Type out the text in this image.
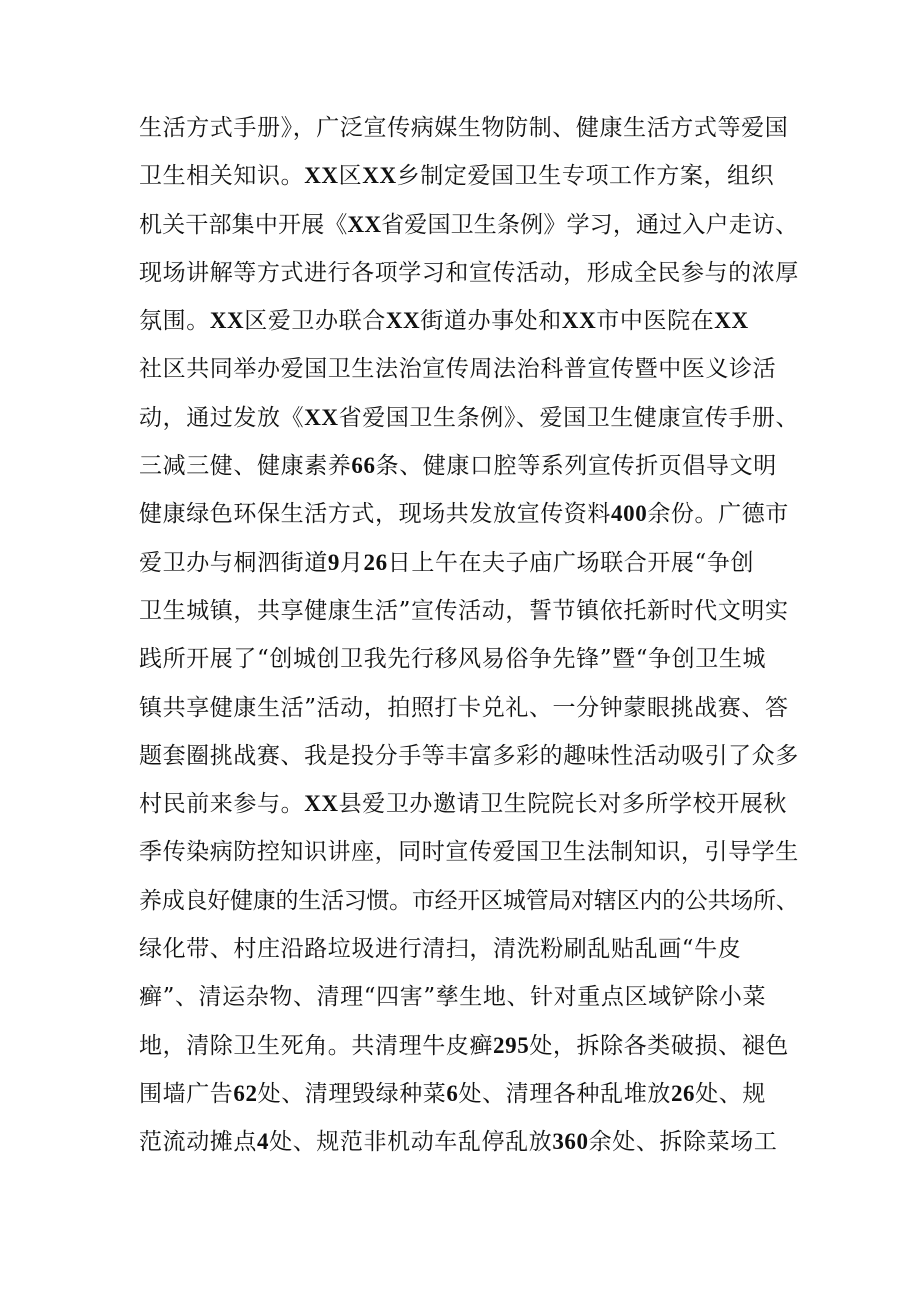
生活方式手册》，广泛宣传病媒生物防制、健康生活方式等爱国
卫生相关知识。XX区XX乡制定爱国卫生专项工作方案，组织
机关干部集中开展《XX省爱国卫生条例》学习，通过入户走访、
现场讲解等方式进行各项学习和宣传活动，形成全民参与的浓厚
氛围。XX区爱卫办联合XX街道办事处和XX市中医院在XX
社区共同举办爱国卫生法治宣传周法治科普宣传暨中医义诊活
动，通过发放《XX省爱国卫生条例》、爱国卫生健康宣传手册、
三减三健、健康素养66条、健康口腔等系列宣传折页倡导文明
健康绿色环保生活方式，现场共发放宣传资料400余份。广德市
爱卫办与桐泗街道9月26日上午在夫子庙广场联合开展“争创
卫生城镇，共享健康生活”宣传活动，誓节镇依托新时代文明实
践所开展了“创城创卫我先行移风易俗争先锋”暨“争创卫生城
镇共享健康生活”活动，拍照打卡兑礼、一分钟蒙眼挑战赛、答
题套圈挑战赛、我是投分手等丰富多彩的趣味性活动吸引了众多
村民前来参与。XX县爱卫办邀请卫生院院长对多所学校开展秋
季传染病防控知识讲座，同时宣传爱国卫生法制知识，引导学生
养成良好健康的生活习惯。市经开区城管局对辖区内的公共场所、
绿化带、村庄沿路垃圾进行清扫，清洗粉刷乱贴乱画“牛皮
癣”、清运杂物、清理“四害”孳生地、针对重点区域铲除小菜
地，清除卫生死角。共清理牛皮癣295处，拆除各类破损、褪色
围墙广告62处、清理毁绿种菜6处、清理各种乱堆放26处、规
范流动摊点4处、规范非机动车乱停乱放360余处、拆除菜场工
